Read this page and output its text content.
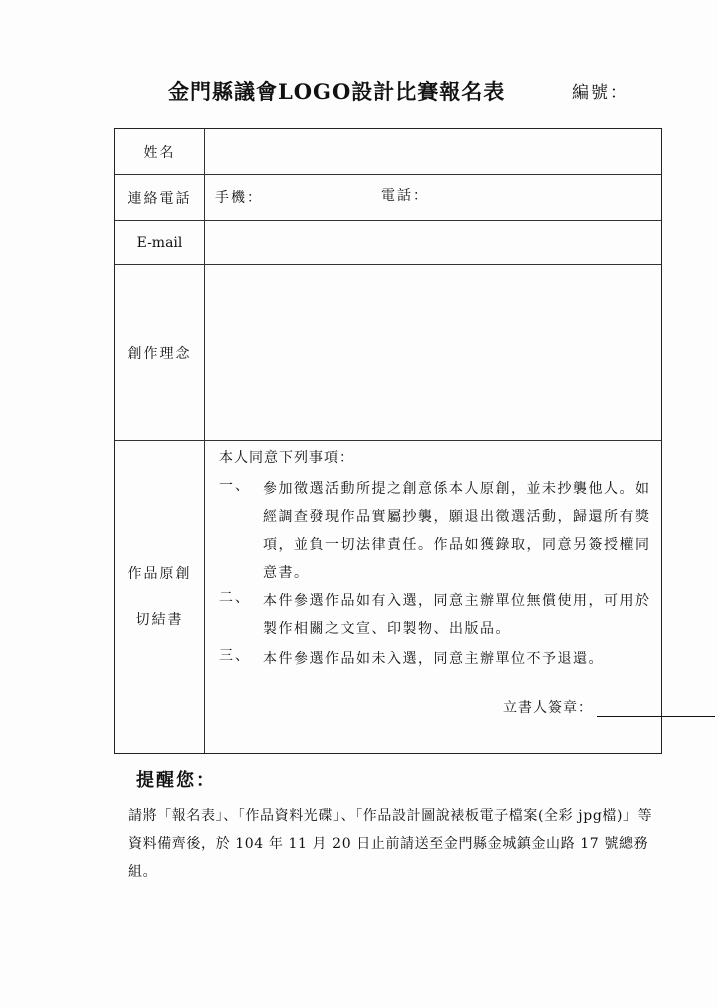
金門縣議會LOGO設計比賽報名表	編號：
姓名
連絡電話	手機：	電話：
E-mail
創作理念
作品原創
切結書
本人同意下列事項：
一、 參加徵選活動所提之創意係本人原創，並未抄襲他人。如經調查發現作品實屬抄襲，願退出徵選活動，歸還所有獎項，並負一切法律責任。作品如獲錄取，同意另簽授權同意書。
二、 本件參選作品如有入選，同意主辦單位無償使用，可用於製作相關之文宣、印製物、出版品。
三、 本件參選作品如未入選，同意主辦單位不予退還。
立書人簽章：
提醒您：
請將「報名表」、「作品資料光碟」、「作品設計圖說裱板電子檔案(全彩 jpg檔)」等資料備齊後，於 104 年 11 月 20 日止前請送至金門縣金城鎮金山路 17 號總務組。
